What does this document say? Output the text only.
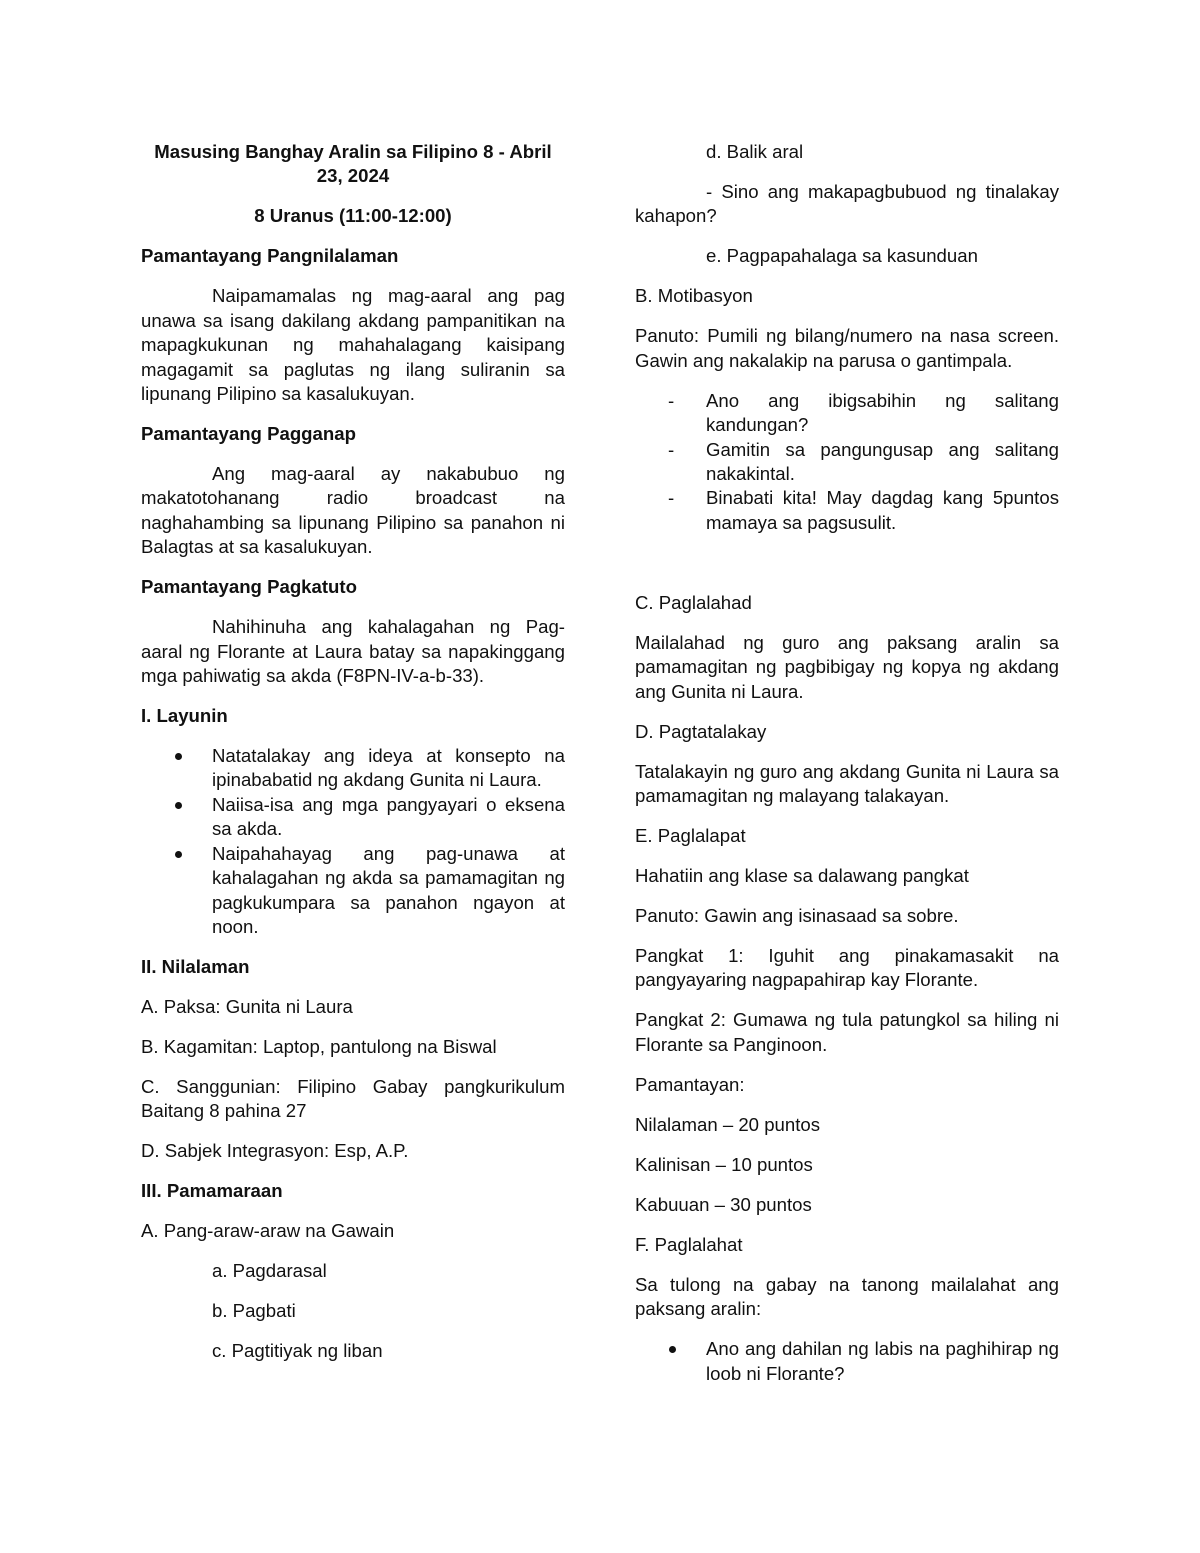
Masusing Banghay Aralin sa Filipino 8 - Abril 23, 2024

8 Uranus (11:00-12:00)

Pamantayang Pangnilalaman

Naipamamalas ng mag-aaral ang pag unawa sa isang dakilang akdang pampanitikan na mapagkukunan ng mahahalagang kaisipang magagamit sa paglutas ng ilang suliranin sa lipunang Pilipino sa kasalukuyan.

Pamantayang Pagganap

Ang mag-aaral ay nakabubuo ng makatotohanang radio broadcast na naghahambing sa lipunang Pilipino sa panahon ni Balagtas at sa kasalukuyan.

Pamantayang Pagkatuto

Nahihinuha ang kahalagahan ng Pag-aaral ng Florante at Laura batay sa napakinggang mga pahiwatig sa akda (F8PN-IV-a-b-33).

I. Layunin

Natatalakay ang ideya at konsepto na ipinababatid ng akdang Gunita ni Laura.
Naiisa-isa ang mga pangyayari o eksena sa akda.
Naipahahayag ang pag-unawa at kahalagahan ng akda sa pamamagitan ng pagkukumpara sa panahon ngayon at noon.

II. Nilalaman

A. Paksa: Gunita ni Laura

B. Kagamitan: Laptop, pantulong na Biswal

C. Sanggunian: Filipino Gabay pangkurikulum Baitang 8 pahina 27

D. Sabjek Integrasyon: Esp, A.P.

III. Pamamaraan

A. Pang-araw-araw na Gawain

a. Pagdarasal

b. Pagbati

c. Pagtitiyak ng liban

d. Balik aral

- Sino ang makapagbubuod ng tinalakay kahapon?

e. Pagpapahalaga sa kasunduan

B. Motibasyon

Panuto: Pumili ng bilang/numero na nasa screen. Gawin ang nakalakip na parusa o gantimpala.

- Ano ang ibigsabihin ng salitang kandungan?
- Gamitin sa pangungusap ang salitang nakakintal.
- Binabati kita! May dagdag kang 5puntos mamaya sa pagsusulit.

C. Paglalahad

Mailalahad ng guro ang paksang aralin sa pamamagitan ng pagbibigay ng kopya ng akdang ang Gunita ni Laura.

D. Pagtatalakay

Tatalakayin ng guro ang akdang Gunita ni Laura sa pamamagitan ng malayang talakayan.

E. Paglalapat

Hahatiin ang klase sa dalawang pangkat

Panuto: Gawin ang isinasaad sa sobre.

Pangkat 1: Iguhit ang pinakamasakit na pangyayaring nagpapahirap kay Florante.

Pangkat 2: Gumawa ng tula patungkol sa hiling ni Florante sa Panginoon.

Pamantayan:

Nilalaman – 20 puntos

Kalinisan – 10 puntos

Kabuuan – 30 puntos

F. Paglalahat

Sa tulong na gabay na tanong mailalahat ang paksang aralin:

Ano ang dahilan ng labis na paghihirap ng loob ni Florante?
